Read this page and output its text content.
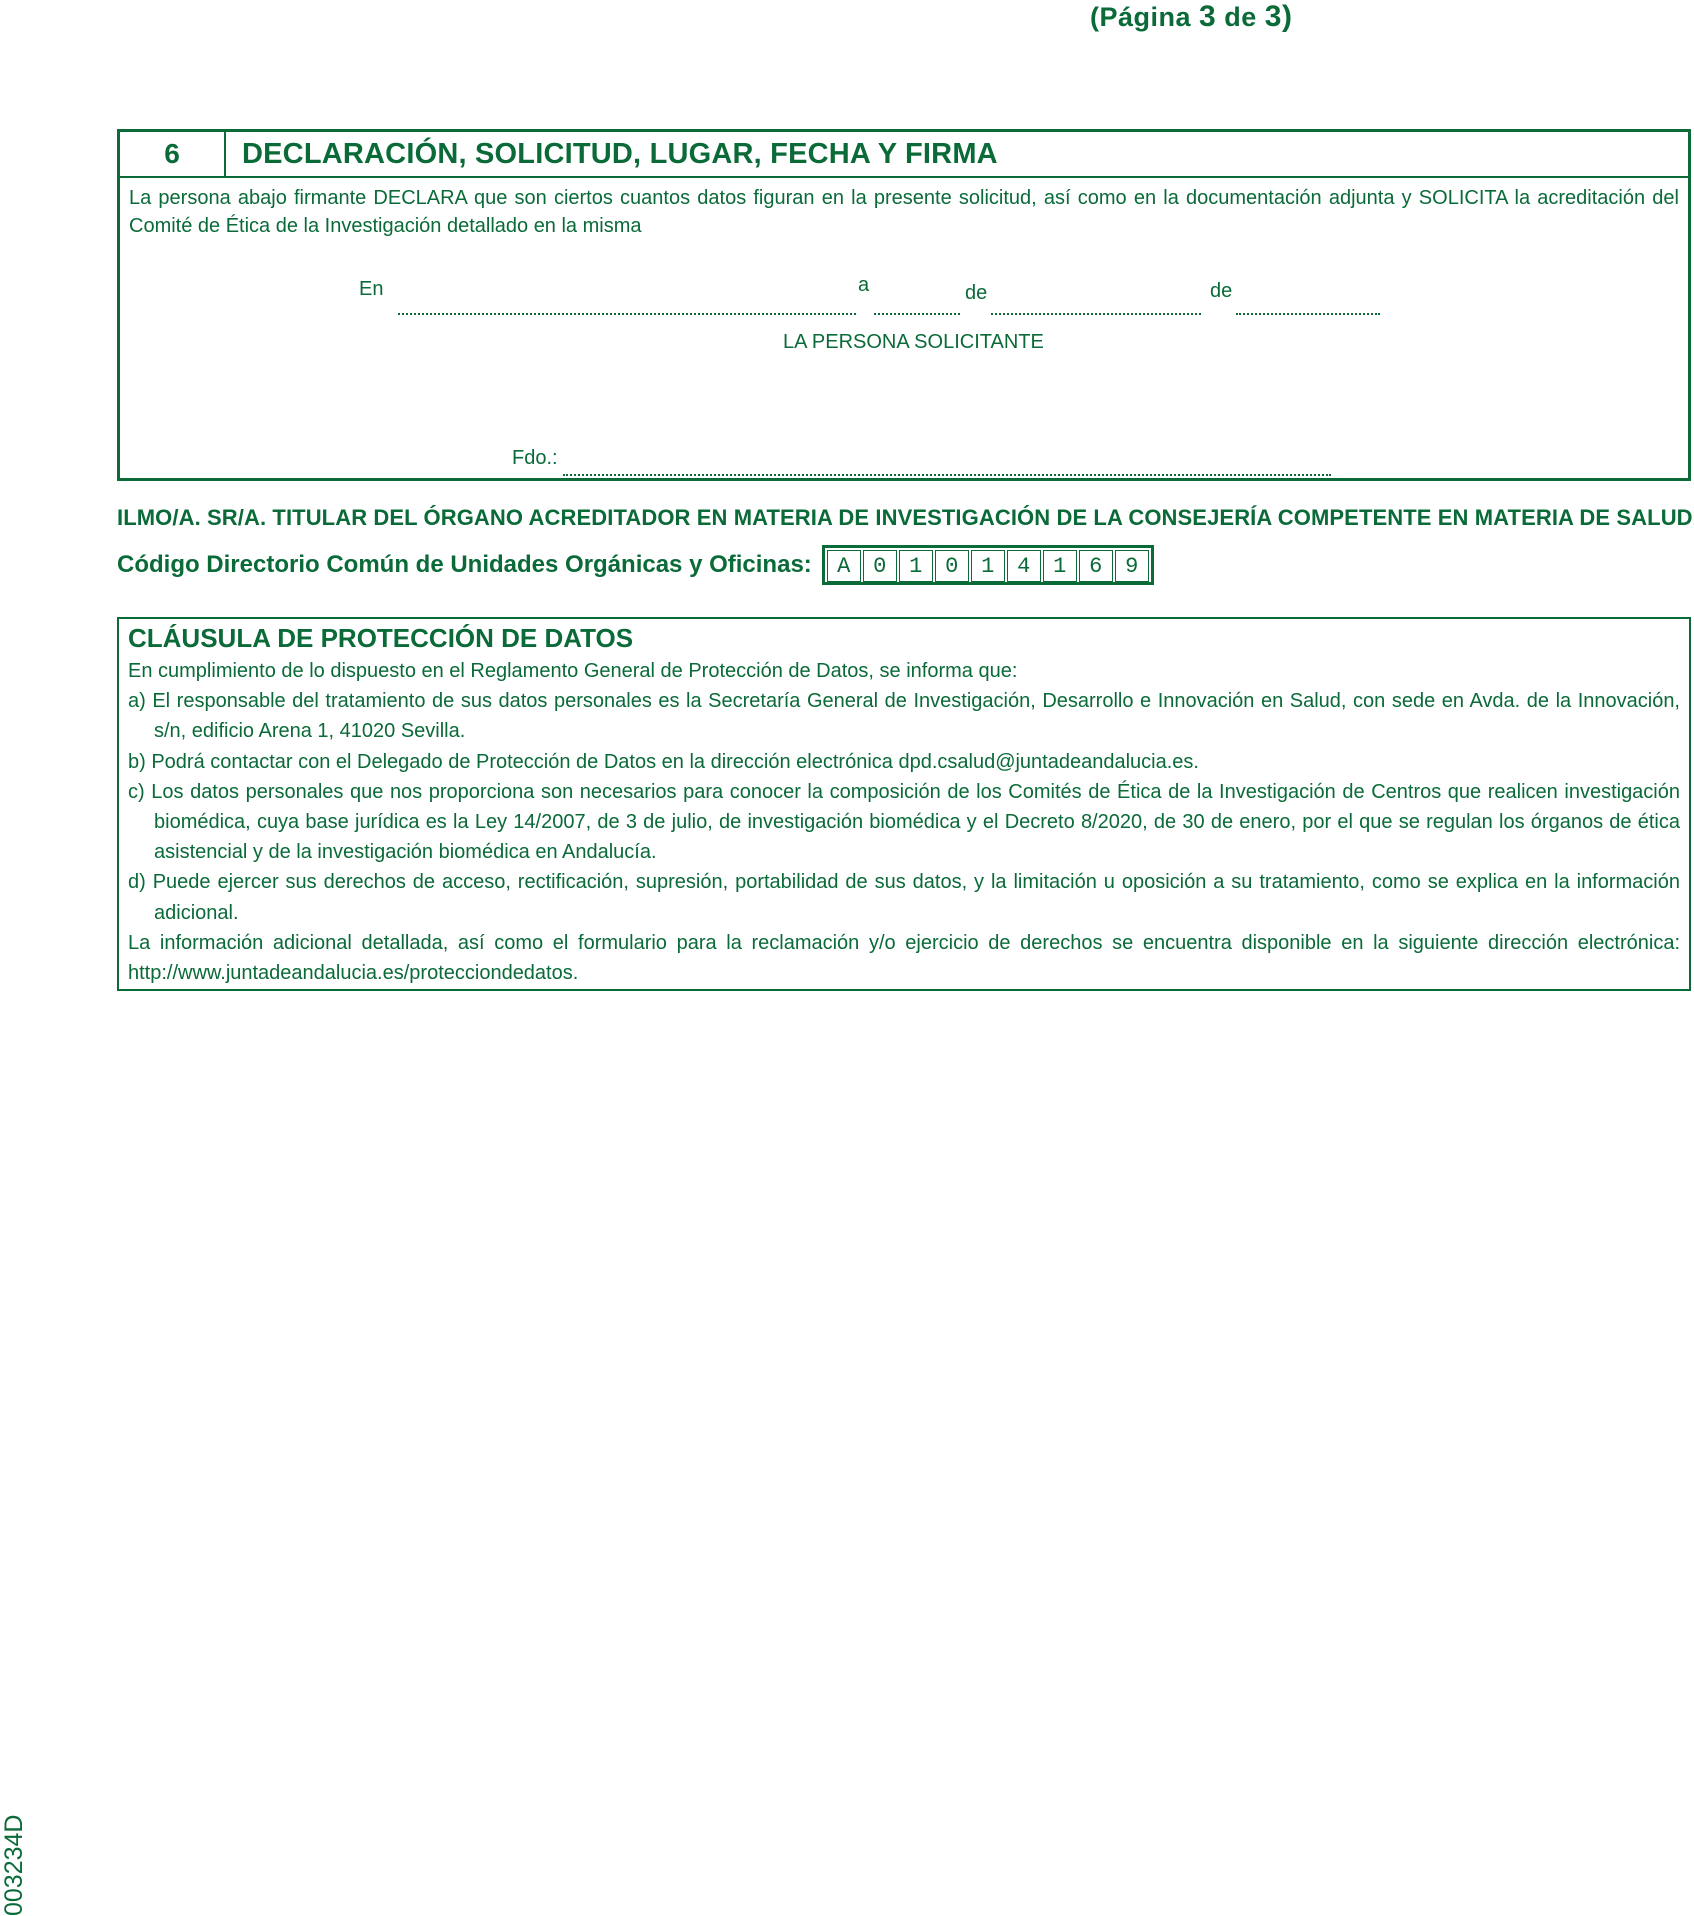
(Página 3 de 3)
6	DECLARACIÓN, SOLICITUD, LUGAR, FECHA Y FIRMA
La persona abajo firmante DECLARA que son ciertos cuantos datos figuran en la presente solicitud, así como en la documentación adjunta y SOLICITA la acreditación del Comité de Ética de la Investigación detallado en la misma
En	a	de	de
LA PERSONA SOLICITANTE
Fdo.:
ILMO/A. SR/A. TITULAR DEL ÓRGANO ACREDITADOR EN MATERIA DE INVESTIGACIÓN DE LA CONSEJERÍA COMPETENTE EN MATERIA DE SALUD
Código Directorio Común de Unidades Orgánicas y Oficinas:	A	0	1	0	1	4	1	6	9
CLÁUSULA DE PROTECCIÓN DE DATOS

En cumplimiento de lo dispuesto en el Reglamento General de Protección de Datos, se informa que:

a) El responsable del tratamiento de sus datos personales es la Secretaría General de Investigación, Desarrollo e Innovación en Salud, con sede en Avda. de la Innovación, s/n, edificio Arena 1, 41020 Sevilla.

b) Podrá contactar con el Delegado de Protección de Datos en la dirección electrónica dpd.csalud@juntadeandalucia.es.

c) Los datos personales que nos proporciona son necesarios para conocer la composición de los Comités de Ética de la Investigación de Centros que realicen investigación biomédica, cuya base jurídica es la Ley 14/2007, de 3 de julio, de investigación biomédica y el Decreto 8/2020, de 30 de enero, por el que se regulan los órganos de ética asistencial y de la investigación biomédica en Andalucía.

d) Puede ejercer sus derechos de acceso, rectificación, supresión, portabilidad de sus datos, y la limitación u oposición a su tratamiento, como se explica en la información adicional.

La información adicional detallada, así como el formulario para la reclamación y/o ejercicio de derechos se encuentra disponible en la siguiente dirección electrónica: http://www.juntadeandalucia.es/protecciondedatos.

003234D
